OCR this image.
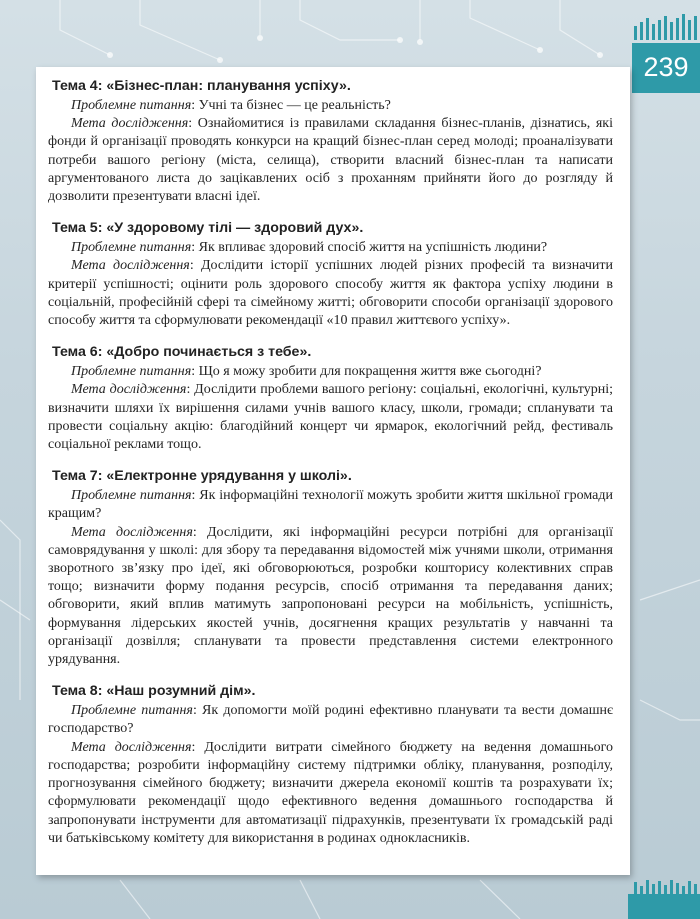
239
Тема 4: «Бізнес-план: планування успіху».

Проблемне питання: Учні та бізнес — це реальність?

Мета дослідження: Ознайомитися із правилами складання бізнес-планів, дізнатись, які фонди й організації проводять конкурси на кращий бізнес-план серед молоді; проаналізувати потреби вашого регіону (міста, селища), створити власний бізнес-план та написати аргументованого листа до зацікавлених осіб з проханням прийняти його до розгляду й дозволити презентувати власні ідеї.

Тема 5: «У здоровому тілі — здоровий дух».

Проблемне питання: Як впливає здоровий спосіб життя на успішність людини?

Мета дослідження: Дослідити історії успішних людей різних професій та визначити критерії успішності; оцінити роль здорового способу життя як фактора успіху людини в соціальній, професійній сфері та сімейному житті; обговорити способи організації здорового способу життя та сформулювати рекомендації «10 правил життєвого успіху».

Тема 6: «Добро починається з тебе».

Проблемне питання: Що я можу зробити для покращення життя вже сьогодні?

Мета дослідження: Дослідити проблеми вашого регіону: соціальні, екологічні, культурні; визначити шляхи їх вирішення силами учнів вашого класу, школи, громади; спланувати та провести соціальну акцію: благодійний концерт чи ярмарок, екологічний рейд, фестиваль соціальної реклами тощо.

Тема 7: «Електронне урядування у школі».

Проблемне питання: Як інформаційні технології можуть зробити життя шкільної громади кращим?

Мета дослідження: Дослідити, які інформаційні ресурси потрібні для організації самоврядування у школі: для збору та передавання відомостей між учнями школи, отримання зворотного зв’язку про ідеї, які обговорюються, розробки кошторису колективних справ тощо; визначити форму подання ресурсів, спосіб отримання та передавання даних; обговорити, який вплив матимуть запропоновані ресурси на мобільність, успішність, формування лідерських якостей учнів, досягнення кращих результатів у навчанні та організації дозвілля; спланувати та провести представлення системи електронного урядування.

Тема 8: «Наш розумний дім».

Проблемне питання: Як допомогти моїй родині ефективно планувати та вести домашнє господарство?

Мета дослідження: Дослідити витрати сімейного бюджету на ведення домашнього господарства; розробити інформаційну систему підтримки обліку, планування, розподілу, прогнозування сімейного бюджету; визначити джерела економії коштів та розрахувати їх; сформулювати рекомендації щодо ефективного ведення домашнього господарства й запропонувати інструменти для автоматизації підрахунків, презентувати їх громадській раді чи батьківському комітету для використання в родинах однокласників.
